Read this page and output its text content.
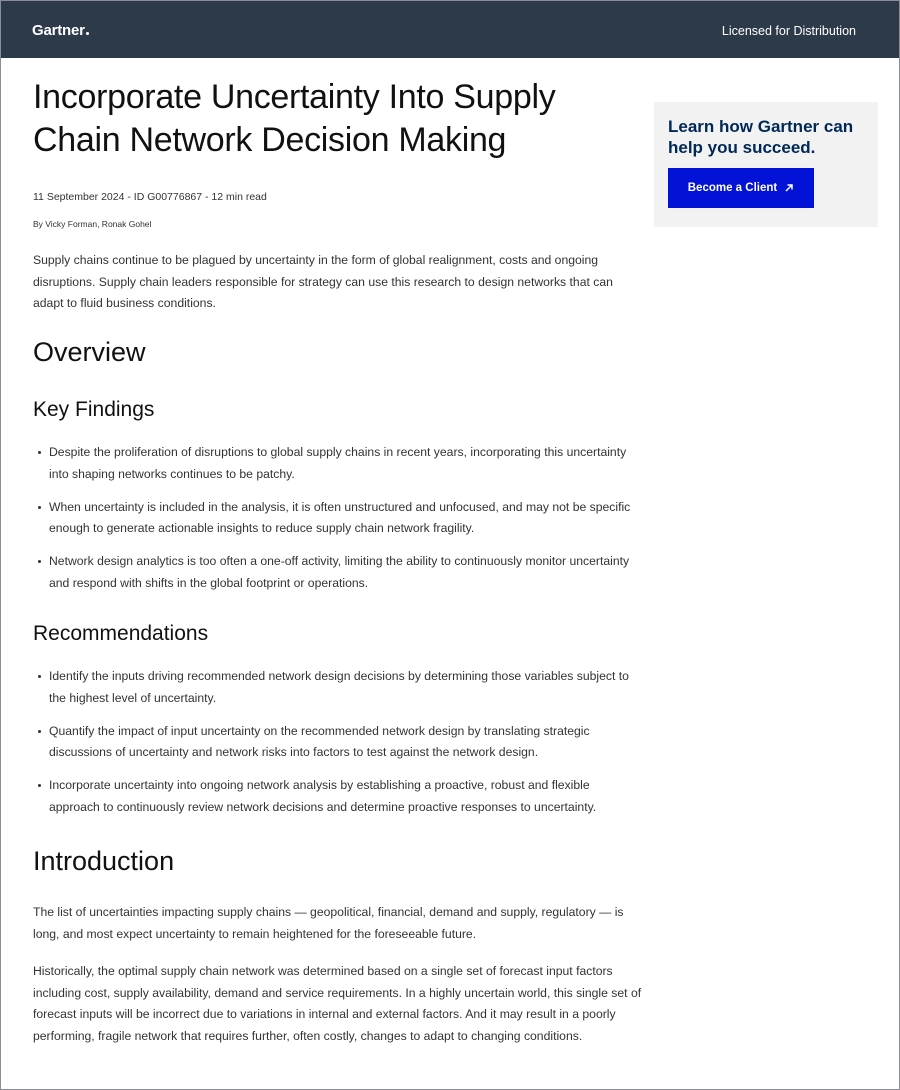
Gartner	Licensed for Distribution
Incorporate Uncertainty Into Supply Chain Network Decision Making
11 September 2024 - ID G00776867 - 12 min read
By Vicky Forman, Ronak Gohel

Supply chains continue to be plagued by uncertainty in the form of global realignment, costs and ongoing disruptions. Supply chain leaders responsible for strategy can use this research to design networks that can adapt to fluid business conditions.

Overview
Key Findings
Despite the proliferation of disruptions to global supply chains in recent years, incorporating this uncertainty into shaping networks continues to be patchy.
When uncertainty is included in the analysis, it is often unstructured and unfocused, and may not be specific enough to generate actionable insights to reduce supply chain network fragility.
Network design analytics is too often a one-off activity, limiting the ability to continuously monitor uncertainty and respond with shifts in the global footprint or operations.
Recommendations
Identify the inputs driving recommended network design decisions by determining those variables subject to the highest level of uncertainty.
Quantify the impact of input uncertainty on the recommended network design by translating strategic discussions of uncertainty and network risks into factors to test against the network design.
Incorporate uncertainty into ongoing network analysis by establishing a proactive, robust and flexible approach to continuously review network decisions and determine proactive responses to uncertainty.
Introduction

The list of uncertainties impacting supply chains — geopolitical, financial, demand and supply, regulatory — is long, and most expect uncertainty to remain heightened for the foreseeable future.

Historically, the optimal supply chain network was determined based on a single set of forecast input factors including cost, supply availability, demand and service requirements. In a highly uncertain world, this single set of forecast inputs will be incorrect due to variations in internal and external factors. And it may result in a poorly performing, fragile network that requires further, often costly, changes to adapt to changing conditions.

Learn how Gartner can help you succeed.
Become a Client
